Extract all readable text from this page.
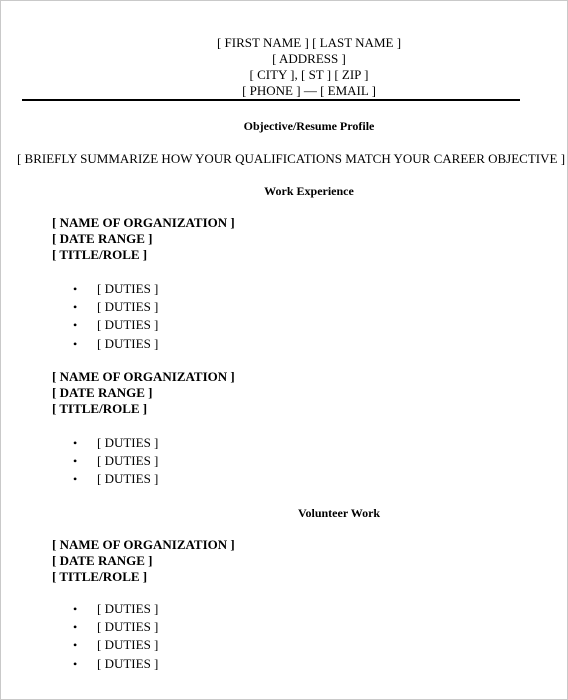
[ FIRST NAME ] [ LAST NAME ]
[ ADDRESS ]
[ CITY ], [ ST ] [ ZIP ]
[ PHONE ] — [ EMAIL ]
Objective/Resume Profile
[ BRIEFLY SUMMARIZE HOW YOUR QUALIFICATIONS MATCH YOUR CAREER OBJECTIVE ]
Work Experience
[ NAME OF ORGANIZATION ]
[ DATE RANGE ]
[ TITLE/ROLE ]
• [ DUTIES ]
• [ DUTIES ]
• [ DUTIES ]
• [ DUTIES ]
[ NAME OF ORGANIZATION ]
[ DATE RANGE ]
[ TITLE/ROLE ]
• [ DUTIES ]
• [ DUTIES ]
• [ DUTIES ]
Volunteer Work
[ NAME OF ORGANIZATION ]
[ DATE RANGE ]
[ TITLE/ROLE ]
• [ DUTIES ]
• [ DUTIES ]
• [ DUTIES ]
• [ DUTIES ]
